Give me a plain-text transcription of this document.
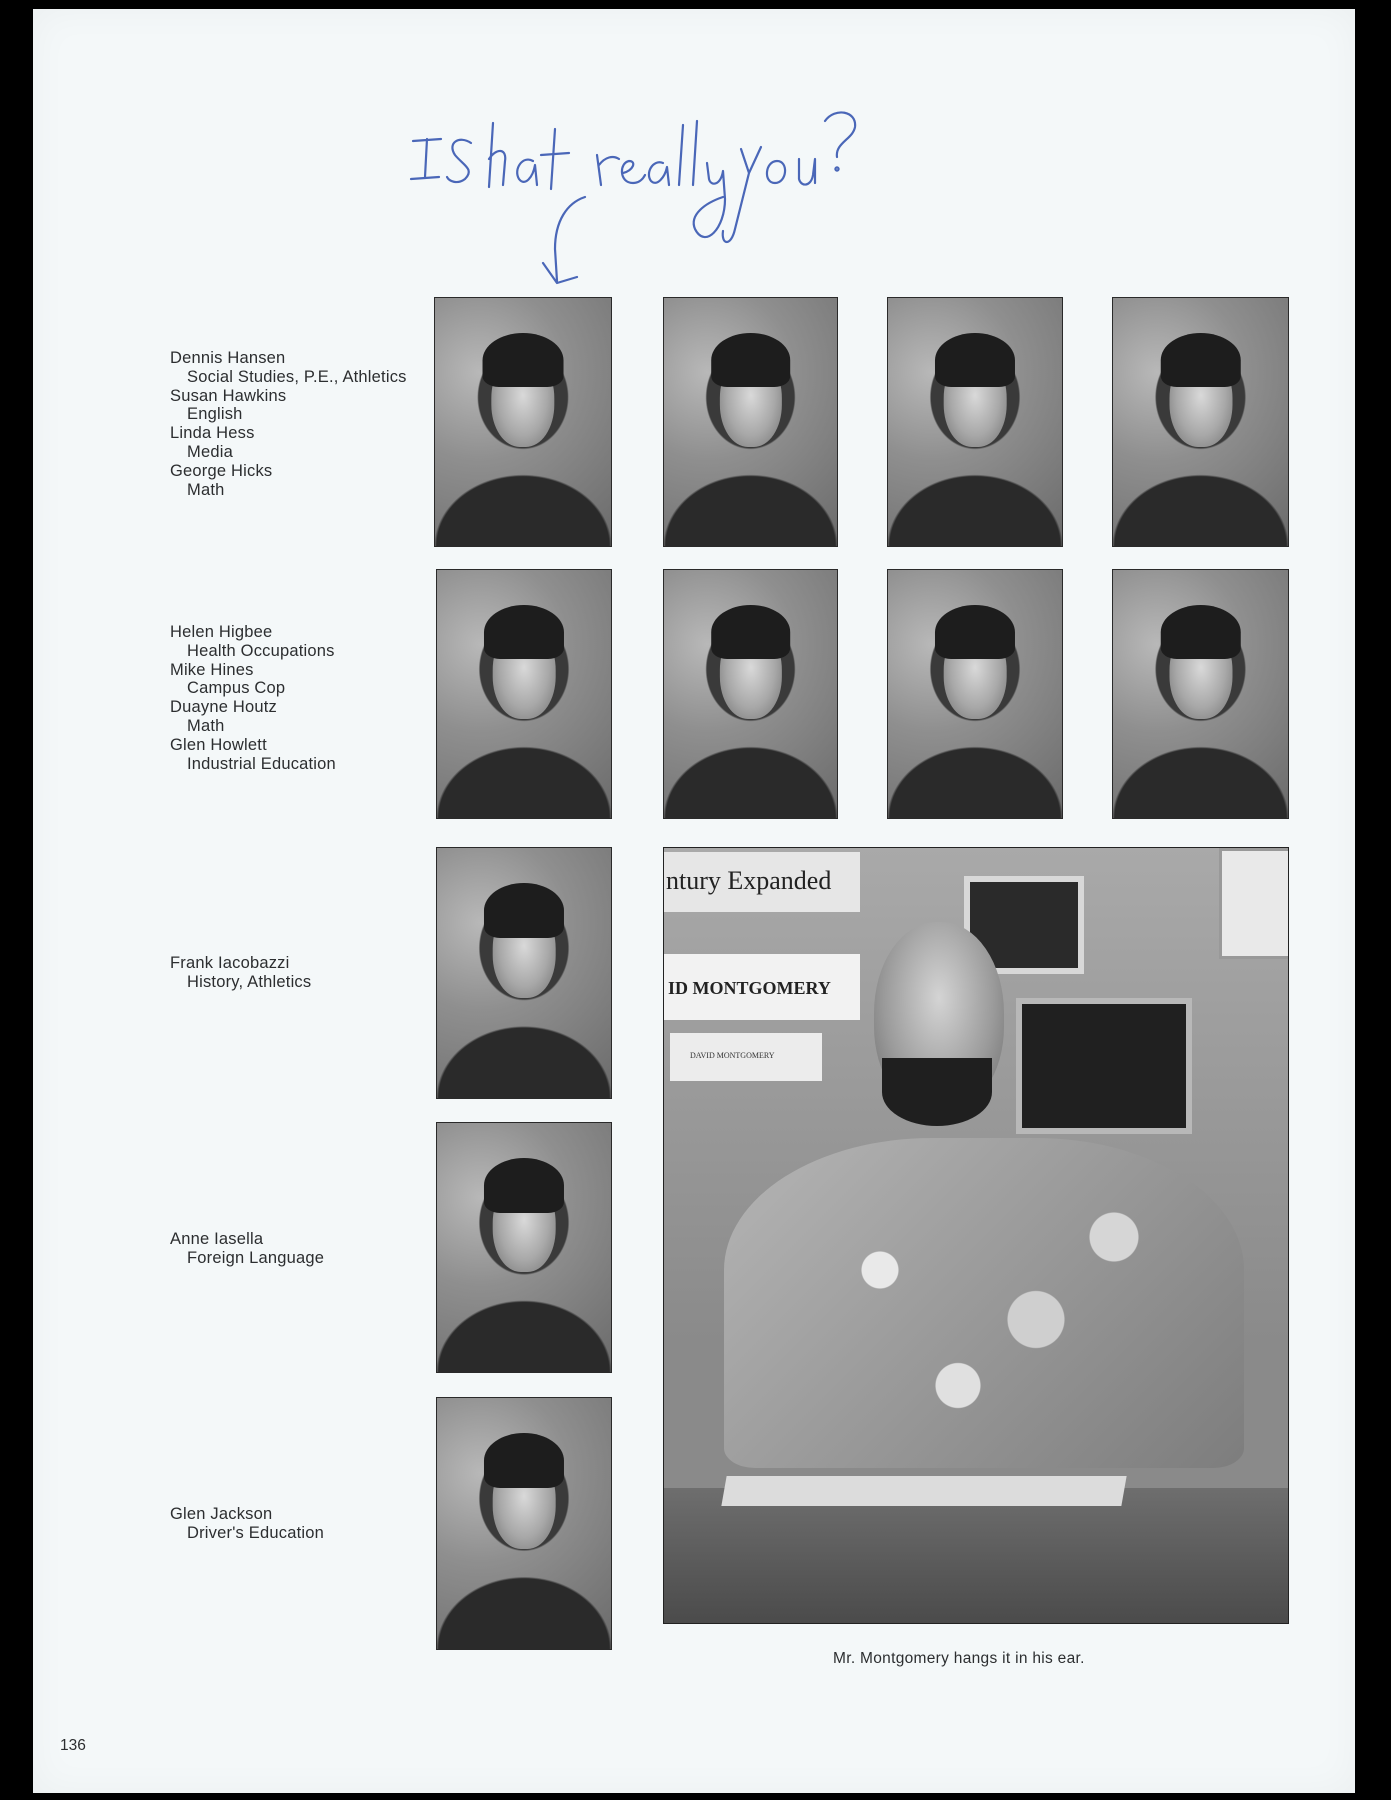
Dennis Hansen
Social Studies, P.E., Athletics
Susan Hawkins
English
Linda Hess
Media
George Hicks
Math
Helen Higbee
Health Occupations
Mike Hines
Campus Cop
Duayne Houtz
Math
Glen Howlett
Industrial Education
Frank Iacobazzi
History, Athletics
Anne Iasella
Foreign Language
Glen Jackson
Driver's Education
ntury Expanded
ID MONTGOMERY
DAVID MONTGOMERY
Mr. Montgomery hangs it in his ear.
136
